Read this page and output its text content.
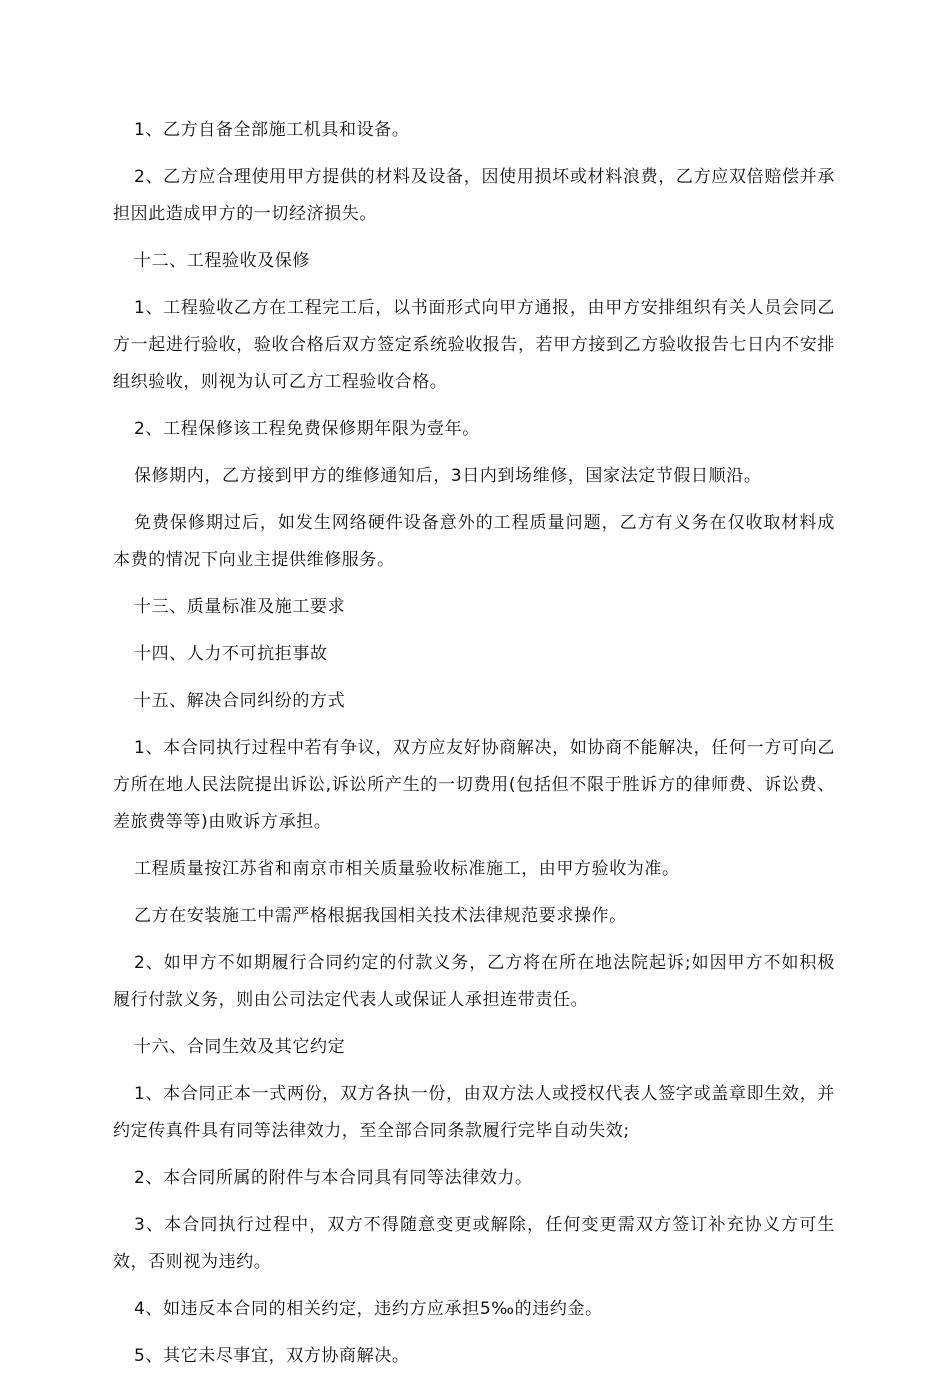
1、乙方自备全部施工机具和设备。

2、乙方应合理使用甲方提供的材料及设备，因使用损坏或材料浪费，乙方应双倍赔偿并承担因此造成甲方的一切经济损失。

十二、工程验收及保修

1、工程验收乙方在工程完工后，以书面形式向甲方通报，由甲方安排组织有关人员会同乙方一起进行验收，验收合格后双方签定系统验收报告，若甲方接到乙方验收报告七日内不安排组织验收，则视为认可乙方工程验收合格。

2、工程保修该工程免费保修期年限为壹年。

保修期内，乙方接到甲方的维修通知后，3日内到场维修，国家法定节假日顺沿。

免费保修期过后，如发生网络硬件设备意外的工程质量问题，乙方有义务在仅收取材料成本费的情况下向业主提供维修服务。

十三、质量标准及施工要求

十四、人力不可抗拒事故

十五、解决合同纠纷的方式

1、本合同执行过程中若有争议，双方应友好协商解决，如协商不能解决，任何一方可向乙方所在地人民法院提出诉讼,诉讼所产生的一切费用(包括但不限于胜诉方的律师费、诉讼费、差旅费等等)由败诉方承担。

工程质量按江苏省和南京市相关质量验收标准施工，由甲方验收为准。

乙方在安装施工中需严格根据我国相关技术法律规范要求操作。

2、如甲方不如期履行合同约定的付款义务，乙方将在所在地法院起诉;如因甲方不如积极履行付款义务，则由公司法定代表人或保证人承担连带责任。

十六、合同生效及其它约定

1、本合同正本一式两份，双方各执一份，由双方法人或授权代表人签字或盖章即生效，并约定传真件具有同等法律效力，至全部合同条款履行完毕自动失效;

2、本合同所属的附件与本合同具有同等法律效力。

3、本合同执行过程中，双方不得随意变更或解除，任何变更需双方签订补充协义方可生效，否则视为违约。

4、如违反本合同的相关约定，违约方应承担5‰的违约金。

5、其它未尽事宜，双方协商解决。
